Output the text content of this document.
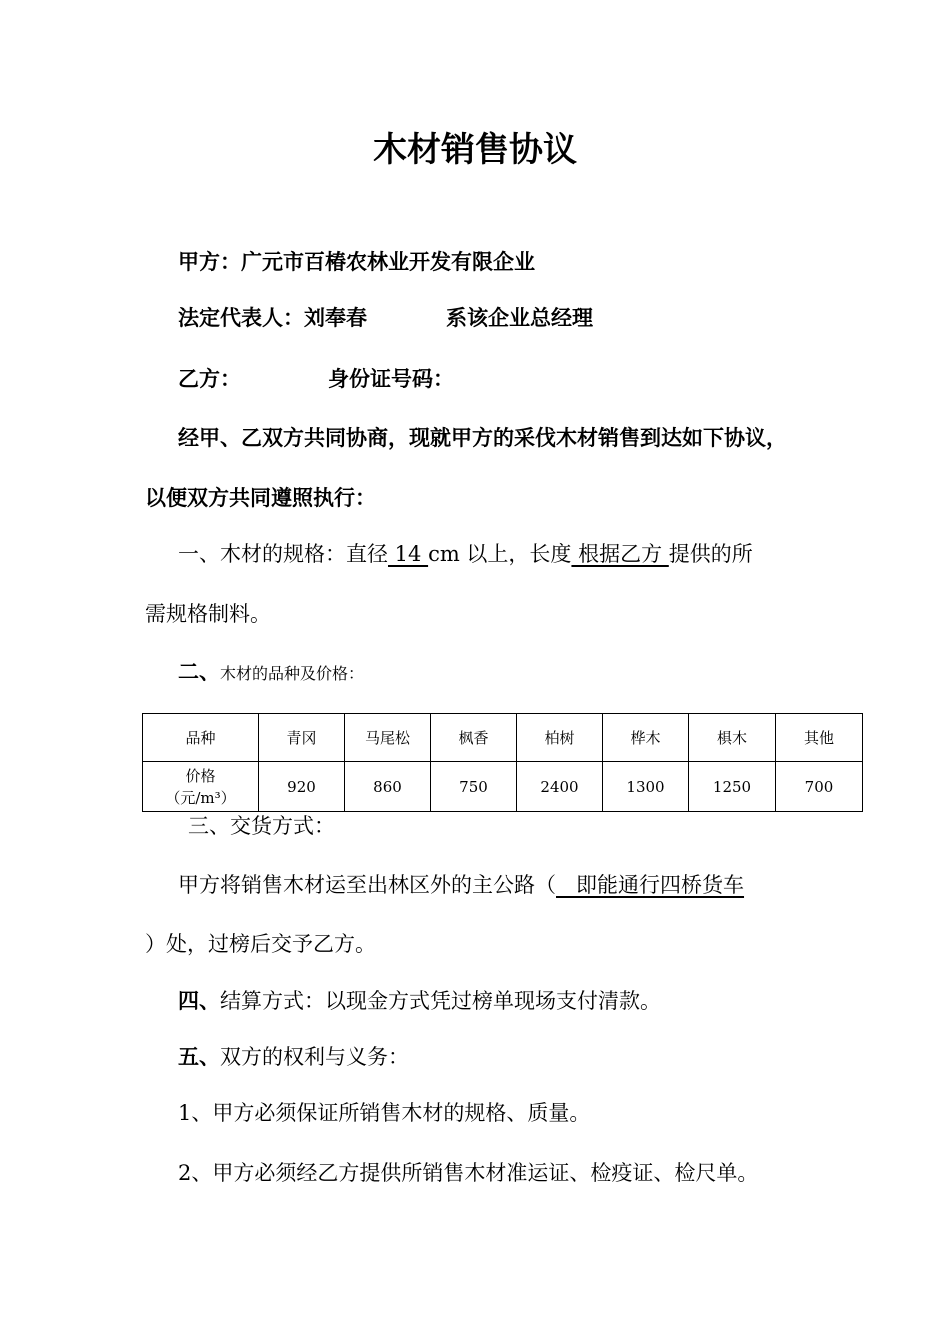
木材销售协议
甲方：广元市百椿农林业开发有限企业
法定代表人：刘奉春	系该企业总经理
乙方：	身份证号码：
经甲、乙双方共同协商，现就甲方的采伐木材销售到达如下协议，
以便双方共同遵照执行：
一、木材的规格：直径 14 cm 以上，长度 根据乙方 提供的所
需规格制料。
二、木材的品种及价格：
品种	青冈	马尾松	枫香	柏树	桦木	椇木	其他
价格（元/m³）	920	860	750	2400	1300	1250	700
三、交货方式：
甲方将销售木材运至出林区外的主公路（   即能通行四桥货车
）处，过榜后交予乙方。
四、结算方式：以现金方式凭过榜单现场支付清款。
五、双方的权利与义务：
1、甲方必须保证所销售木材的规格、质量。
2、甲方必须经乙方提供所销售木材准运证、检疫证、检尺单。
